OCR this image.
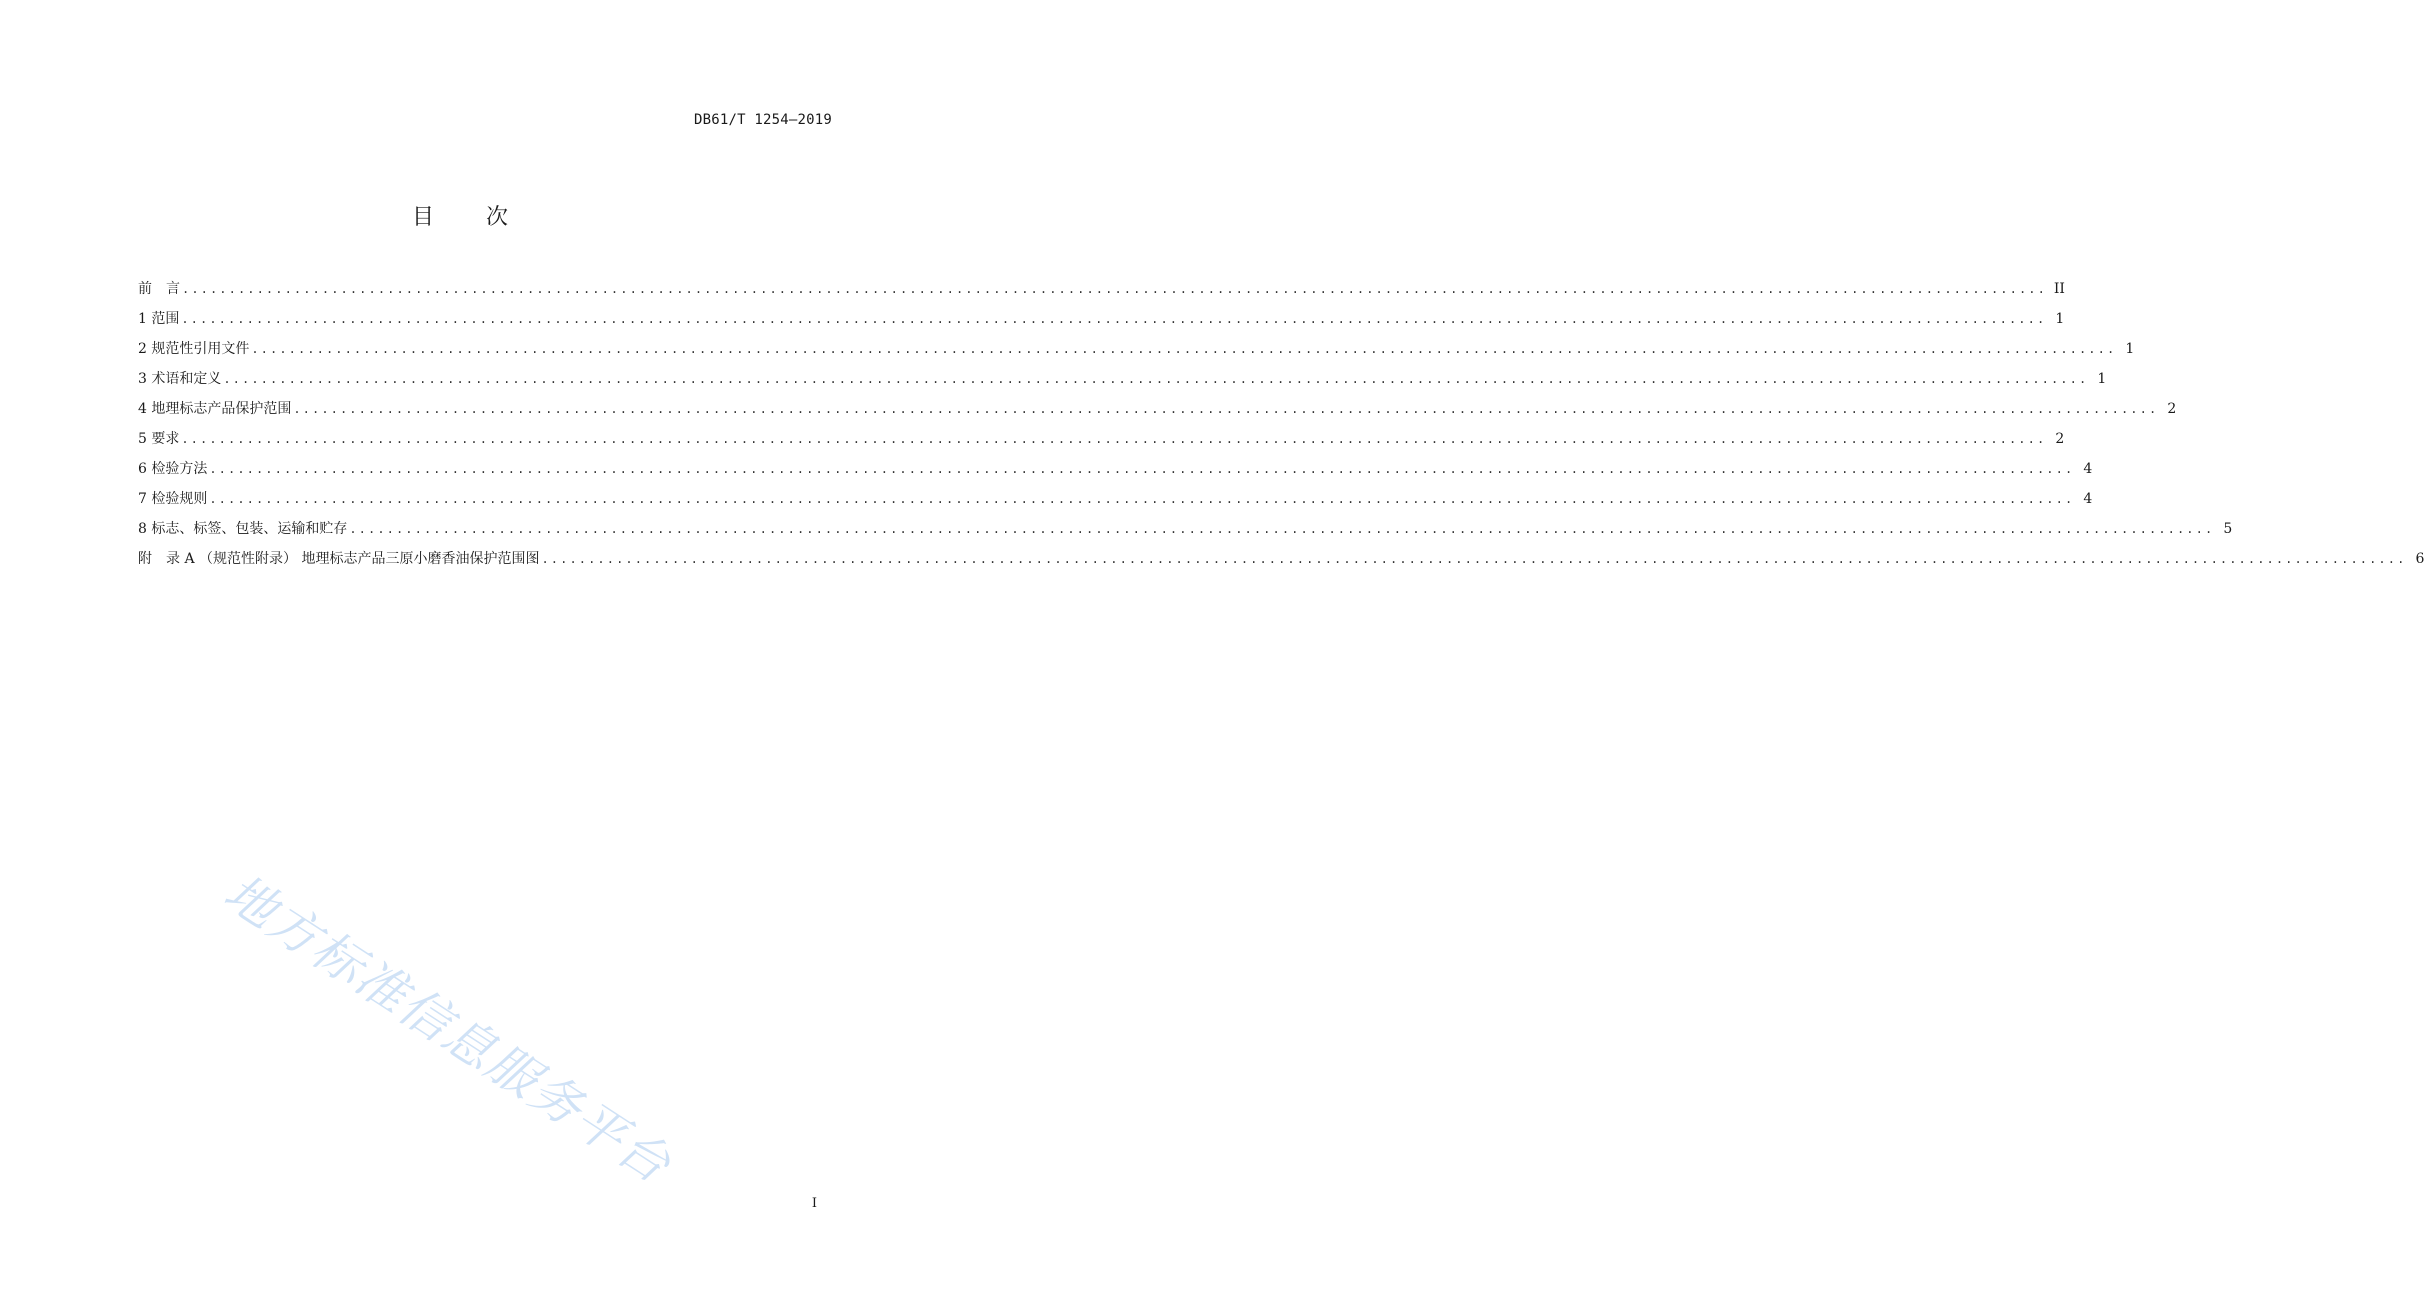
DB61/T 1254—2019
目 次
前　言 ........................................................................................................................................................................................................ II
1 范围 ........................................................................................................................................................................................................ 1
2 规范性引用文件 ........................................................................................................................................................................................................ 1
3 术语和定义 ........................................................................................................................................................................................................ 1
4 地理标志产品保护范围 ........................................................................................................................................................................................................ 2
5 要求 ........................................................................................................................................................................................................ 2
6 检验方法 ........................................................................................................................................................................................................ 4
7 检验规则 ........................................................................................................................................................................................................ 4
8 标志、标签、包装、运输和贮存 ........................................................................................................................................................................................................ 5
附　录 A （规范性附录） 地理标志产品三原小磨香油保护范围图 ........................................................................................................................................................................................................ 6
地方标准信息服务平台
I
